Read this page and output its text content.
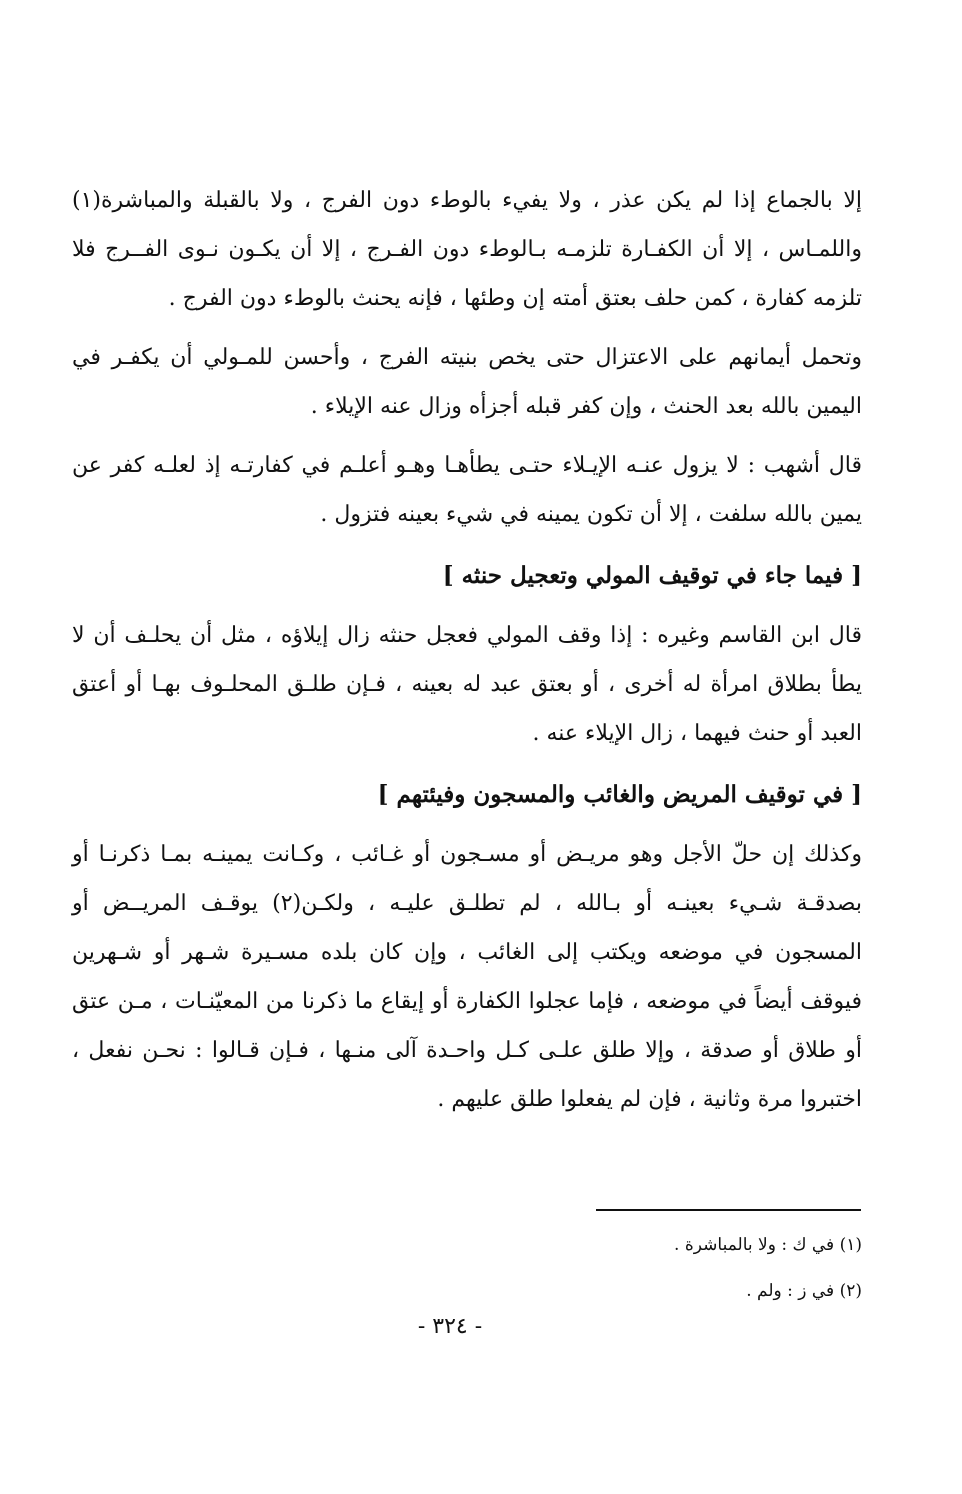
إلا بالجماع إذا لم يكن عذر ، ولا يفيء بالوطء دون الفرج ، ولا بالقبلة والمباشرة(١) واللمـاس ، إلا أن الكفـارة تلزمـه بـالوطء دون الفـرج ، إلا أن يكـون نـوى الفــرج فلا تلزمه كفارة ، كمن حلف بعتق أمته إن وطئها ، فإنه يحنث بالوطء دون الفرج .

وتحمل أيمانهم على الاعتزال حتى يخص بنيته الفرج ، وأحسن للمـولي أن يكفـر في اليمين بالله بعد الحنث ، وإن كفر قبله أجزأه وزال عنه الإيلاء .

قال أشهب : لا يزول عنـه الإيـلاء حتـى يطأهـا وهـو أعلـم في كفارتـه إذ لعلـه كفر عن يمين بالله سلفت ، إلا أن تكون يمينه في شيء بعينه فتزول .

[ فيما جاء في توقيف المولي وتعجيل حنثه ]

قال ابن القاسم وغيره : إذا وقف المولي فعجل حنثه زال إيلاؤه ، مثل أن يحلـف أن لا يطأ بطلاق امرأة له أخرى ، أو بعتق عبد له بعينه ، فـإن طلـق المحلـوف بهـا أو أعتق العبد أو حنث فيهما ، زال الإيلاء عنه .

[ في توقيف المريض والغائب والمسجون وفيئتهم ]

وكذلك إن حلّ الأجل وهو مريـض أو مسـجون أو غـائب ، وكـانت يمينـه بمـا ذكرنـا أو بصدقـة شـيء بعينـه أو بـالله ، لم تطلـق عليـه ، ولكـن(٢) يوقـف المريــض أو المسجون في موضعه ويكتب إلى الغائب ، وإن كان بلده مسـيرة شـهر أو شـهرين فيوقف أيضاً في موضعه ، فإما عجلوا الكفارة أو إيقاع ما ذكرنا من المعيّنـات ، مـن عتق أو طلاق أو صدقة ، وإلا طلق علـى كـل واحـدة آلى منـها ، فـإن قـالوا : نحـن نفعل ، اختبروا مرة وثانية ، فإن لم يفعلوا طلق عليهم .

(١) في ك : ولا بالمباشرة .
(٢) في ز : ولم .
- ٣٢٤ -
